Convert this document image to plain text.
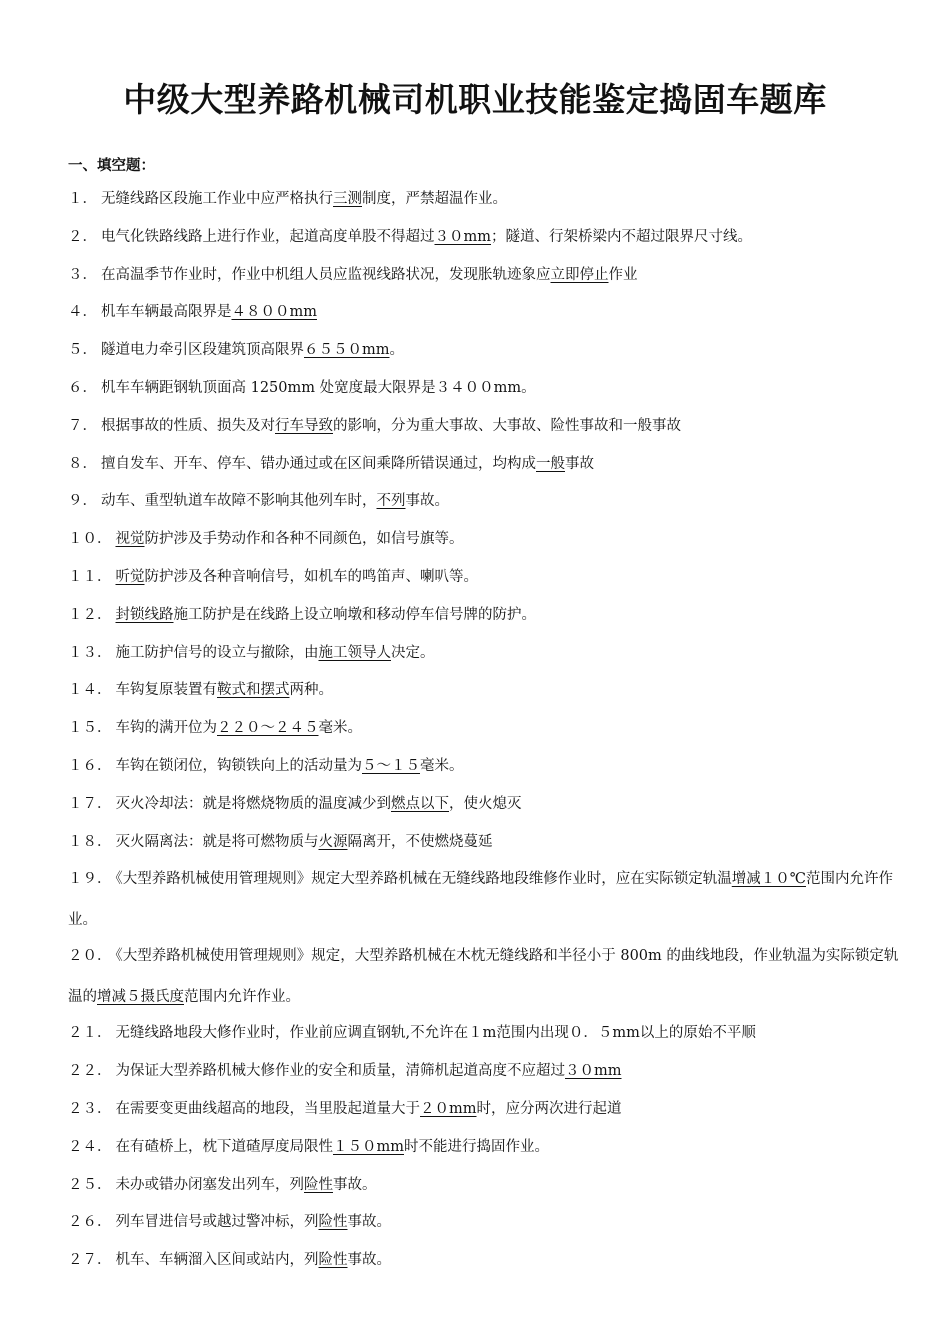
中级大型养路机械司机职业技能鉴定捣固车题库

一、填空题：

１． 无缝线路区段施工作业中应严格执行三测制度，严禁超温作业。
２． 电气化铁路线路上进行作业，起道高度单股不得超过３０mm；隧道、行架桥梁内不超过限界尺寸线。
３． 在高温季节作业时，作业中机组人员应监视线路状况，发现胀轨迹象应立即停止作业
４． 机车车辆最高限界是４８００mm
５． 隧道电力牵引区段建筑顶高限界６５５０mm。
６． 机车车辆距钢轨顶面高 1250mm 处宽度最大限界是３４００mm。
７． 根据事故的性质、损失及对行车导致的影响，分为重大事故、大事故、险性事故和一般事故
８． 擅自发车、开车、停车、错办通过或在区间乘降所错误通过，均构成一般事故
９． 动车、重型轨道车故障不影响其他列车时，不列事故。
１０． 视觉防护涉及手势动作和各种不同颜色，如信号旗等。
１１． 听觉防护涉及各种音响信号，如机车的鸣笛声、喇叭等。
１２． 封锁线路施工防护是在线路上设立响墩和移动停车信号牌的防护。
１３． 施工防护信号的设立与撤除，由施工领导人决定。
１４． 车钩复原装置有鞍式和摆式两种。
１５． 车钩的满开位为２２０～２４５毫米。
１６． 车钩在锁闭位，钩锁铁向上的活动量为５～１５毫米。
１７． 灭火冷却法：就是将燃烧物质的温度减少到燃点以下，使火熄灭
１８． 灭火隔离法：就是将可燃物质与火源隔离开，不使燃烧蔓延
１９． 《大型养路机械使用管理规则》规定大型养路机械在无缝线路地段维修作业时，应在实际锁定轨温增减１０℃范围内允许作业。
２０． 《大型养路机械使用管理规则》规定，大型养路机械在木枕无缝线路和半径小于 800m 的曲线地段，作业轨温为实际锁定轨温的增减５摄氏度范围内允许作业。
２１． 无缝线路地段大修作业时，作业前应调直钢轨,不允许在１m范围内出现０．５mm以上的原始不平顺
２２． 为保证大型养路机械大修作业的安全和质量，清筛机起道高度不应超过３０mm
２３． 在需要变更曲线超高的地段，当里股起道量大于２０mm时，应分两次进行起道
２４． 在有碴桥上，枕下道碴厚度局限性１５０mm时不能进行捣固作业。
２５． 未办或错办闭塞发出列车，列险性事故。
２６． 列车冒进信号或越过警冲标，列险性事故。
２７． 机车、车辆溜入区间或站内，列险性事故。
